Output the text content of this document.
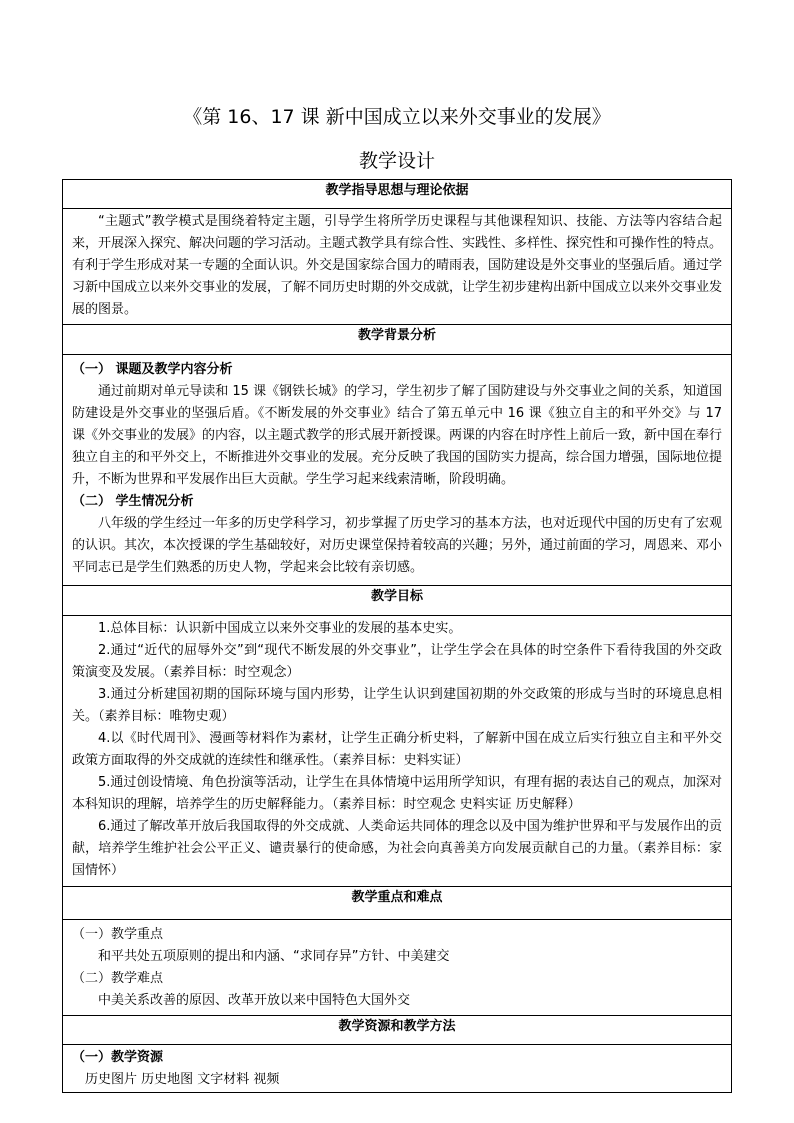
《第 16、17 课 新中国成立以来外交事业的发展》
教学设计
教学指导思想与理论依据

“主题式”教学模式是围绕着特定主题，引导学生将所学历史课程与其他课程知识、技能、方法等内容结合起来，开展深入探究、解决问题的学习活动。主题式教学具有综合性、实践性、多样性、探究性和可操作性的特点。有利于学生形成对某一专题的全面认识。外交是国家综合国力的晴雨表，国防建设是外交事业的坚强后盾。通过学习新中国成立以来外交事业的发展，了解不同历史时期的外交成就，让学生初步建构出新中国成立以来外交事业发展的图景。

教学背景分析

（一） 课题及教学内容分析

通过前期对单元导读和 15 课《钢铁长城》的学习，学生初步了解了国防建设与外交事业之间的关系，知道国防建设是外交事业的坚强后盾。《不断发展的外交事业》结合了第五单元中 16 课《独立自主的和平外交》与 17 课《外交事业的发展》的内容，以主题式教学的形式展开新授课。两课的内容在时序性上前后一致，新中国在奉行独立自主的和平外交上，不断推进外交事业的发展。充分反映了我国的国防实力提高，综合国力增强，国际地位提升，不断为世界和平发展作出巨大贡献。学生学习起来线索清晰，阶段明确。

（二） 学生情况分析

八年级的学生经过一年多的历史学科学习，初步掌握了历史学习的基本方法，也对近现代中国的历史有了宏观的认识。其次，本次授课的学生基础较好，对历史课堂保持着较高的兴趣；另外，通过前面的学习，周恩来、邓小平同志已是学生们熟悉的历史人物，学起来会比较有亲切感。

教学目标

1.总体目标：认识新中国成立以来外交事业的发展的基本史实。

2.通过“近代的屈辱外交”到“现代不断发展的外交事业”，让学生学会在具体的时空条件下看待我国的外交政策演变及发展。（素养目标：时空观念）

3.通过分析建国初期的国际环境与国内形势，让学生认识到建国初期的外交政策的形成与当时的环境息息相关。（素养目标：唯物史观）

4.以《时代周刊》、漫画等材料作为素材，让学生正确分析史料，了解新中国在成立后实行独立自主和平外交政策方面取得的外交成就的连续性和继承性。（素养目标：史料实证）

5.通过创设情境、角色扮演等活动，让学生在具体情境中运用所学知识，有理有据的表达自己的观点，加深对本科知识的理解，培养学生的历史解释能力。（素养目标：时空观念 史料实证 历史解释）

6.通过了解改革开放后我国取得的外交成就、人类命运共同体的理念以及中国为维护世界和平与发展作出的贡献，培养学生维护社会公平正义、谴责暴行的使命感，为社会向真善美方向发展贡献自己的力量。（素养目标：家国情怀）

教学重点和难点

（一）教学重点

和平共处五项原则的提出和内涵、“求同存异”方针、中美建交

（二）教学难点

中美关系改善的原因、改革开放以来中国特色大国外交

教学资源和教学方法

（一）教学资源

历史图片 历史地图 文字材料 视频
